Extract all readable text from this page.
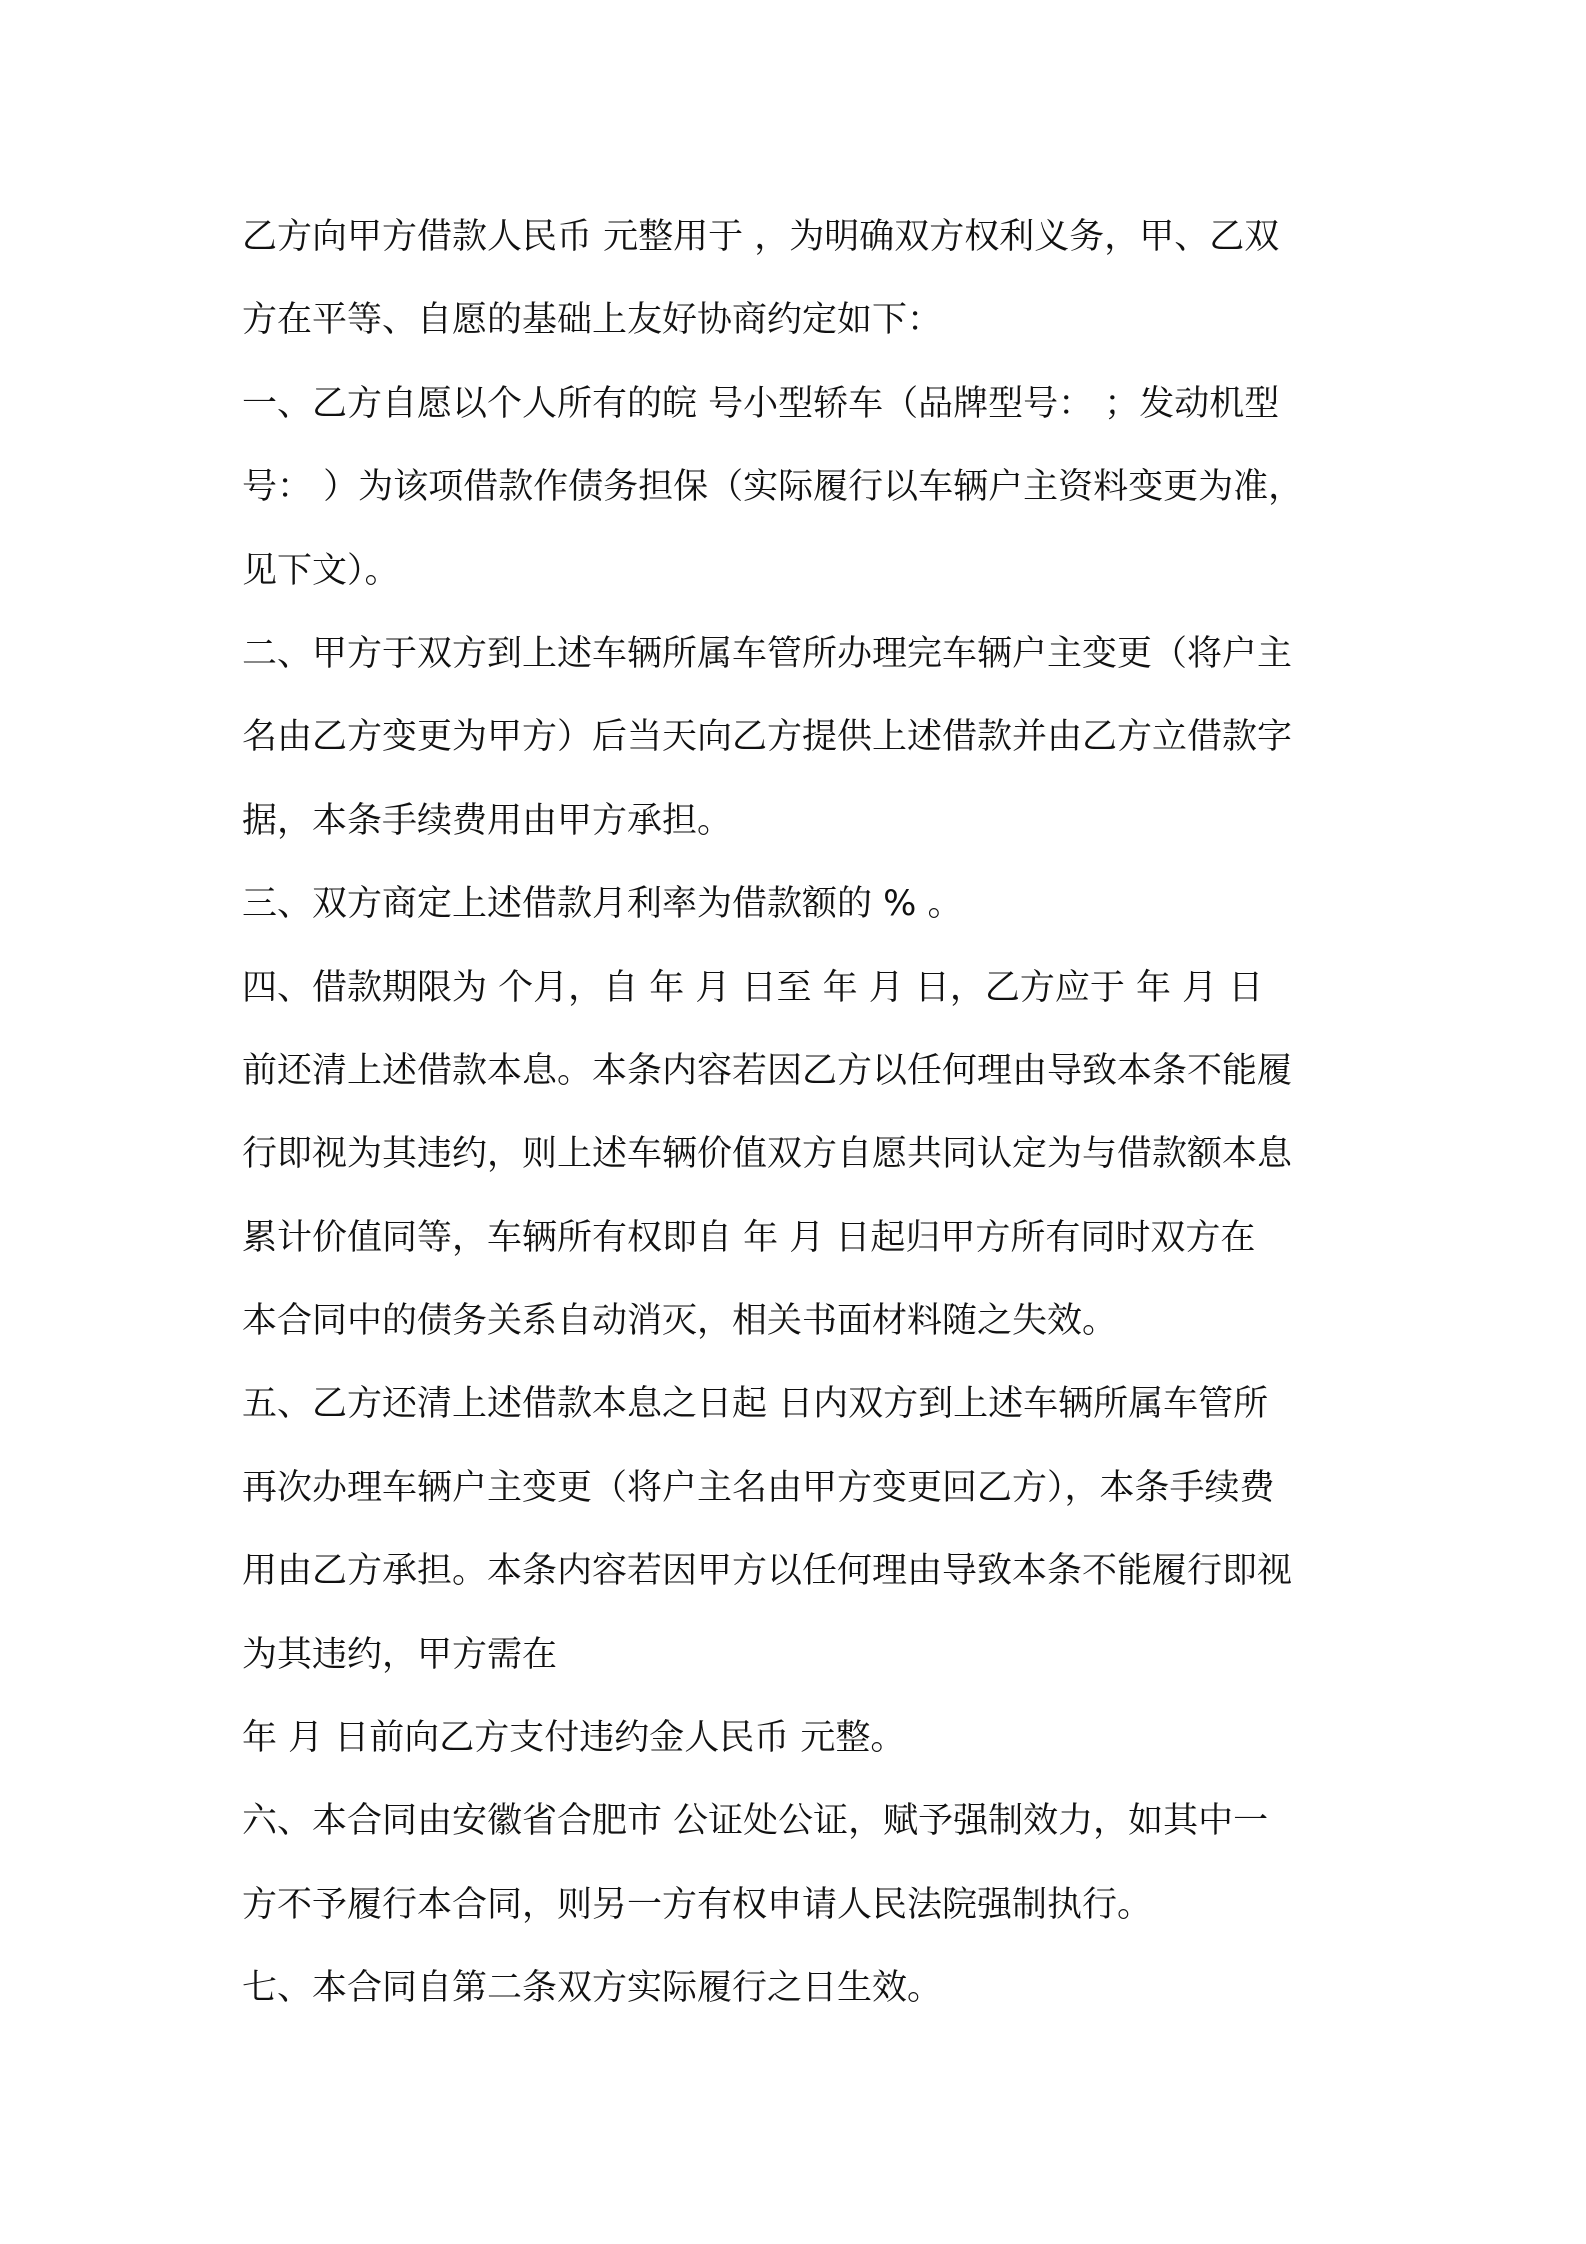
乙方向甲方借款人民币 元整用于 ，为明确双方权利义务，甲、乙双
方在平等、自愿的基础上友好协商约定如下：
一、乙方自愿以个人所有的皖 号小型轿车（品牌型号： ；发动机型
号： ）为该项借款作债务担保（实际履行以车辆户主资料变更为准，
见下文）。
二、甲方于双方到上述车辆所属车管所办理完车辆户主变更（将户主
名由乙方变更为甲方）后当天向乙方提供上述借款并由乙方立借款字
据，本条手续费用由甲方承担。
三、双方商定上述借款月利率为借款额的 % 。
四、借款期限为 个月，自 年 月 日至 年 月 日，乙方应于 年 月 日
前还清上述借款本息。本条内容若因乙方以任何理由导致本条不能履
行即视为其违约，则上述车辆价值双方自愿共同认定为与借款额本息
累计价值同等，车辆所有权即自 年 月 日起归甲方所有同时双方在
本合同中的债务关系自动消灭，相关书面材料随之失效。
五、乙方还清上述借款本息之日起 日内双方到上述车辆所属车管所
再次办理车辆户主变更（将户主名由甲方变更回乙方），本条手续费
用由乙方承担。本条内容若因甲方以任何理由导致本条不能履行即视
为其违约，甲方需在
年 月 日前向乙方支付违约金人民币 元整。
六、本合同由安徽省合肥市 公证处公证，赋予强制效力，如其中一
方不予履行本合同，则另一方有权申请人民法院强制执行。
七、本合同自第二条双方实际履行之日生效。
